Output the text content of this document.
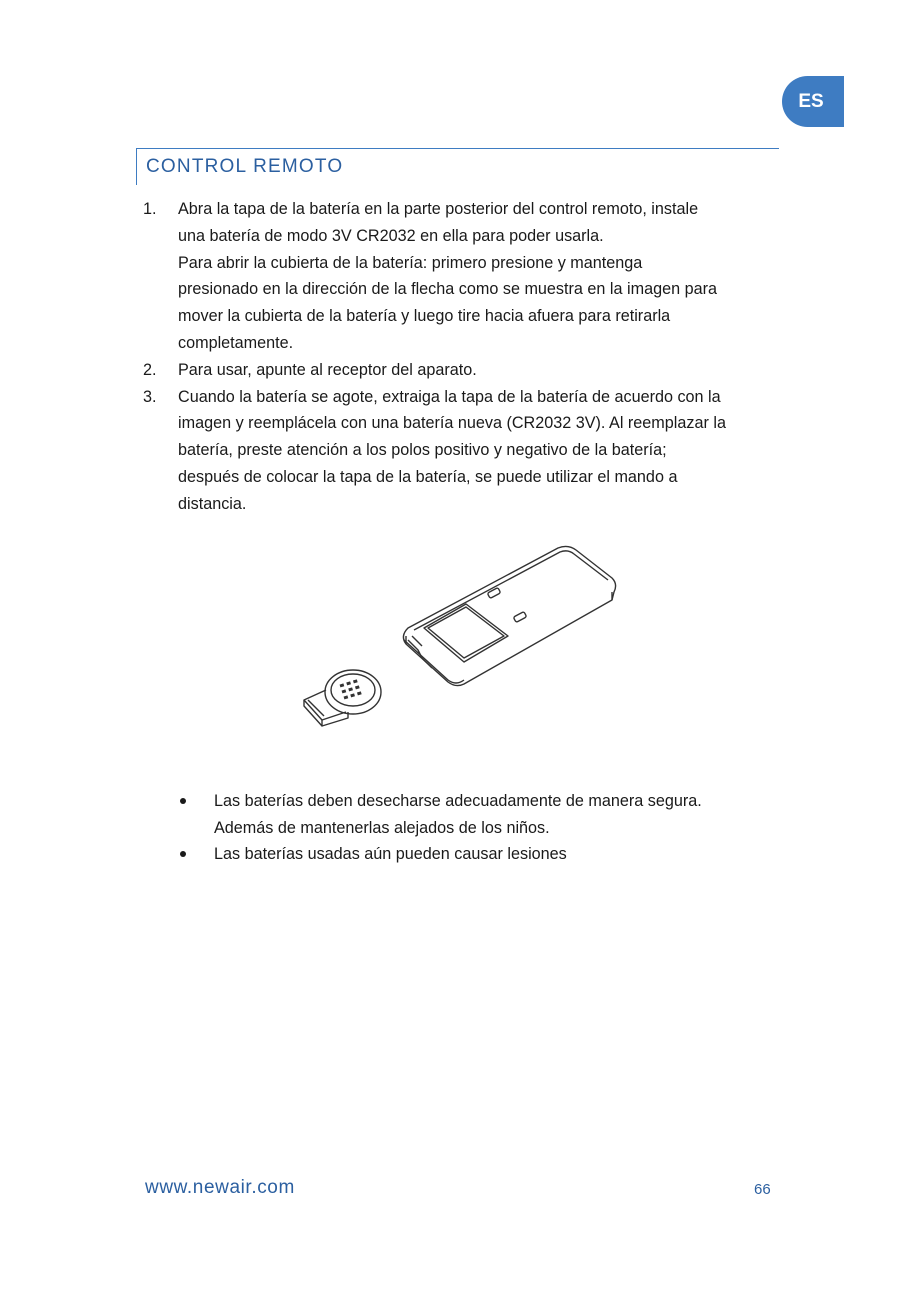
ES
CONTROL REMOTO
1.	Abra la tapa de la batería en la parte posterior del control remoto, instale
una batería de modo 3V CR2032 en ella para poder usarla.
Para abrir la cubierta de la batería: primero presione y mantenga
presionado en la dirección de la flecha como se muestra en la imagen para
mover la cubierta de la batería y luego tire hacia afuera para retirarla
completamente.
2.	Para usar, apunte al receptor del aparato.
3.	Cuando la batería se agote, extraiga la tapa de la batería de acuerdo con la
imagen y reemplácela con una batería nueva (CR2032 3V). Al reemplazar la
batería, preste atención a los polos positivo y negativo de la batería;
después de colocar la tapa de la batería, se puede utilizar el mando a
distancia.
Las baterías deben desecharse adecuadamente de manera segura.
Además de mantenerlas alejados de los niños.
Las baterías usadas aún pueden causar lesiones
www.newair.com	66
